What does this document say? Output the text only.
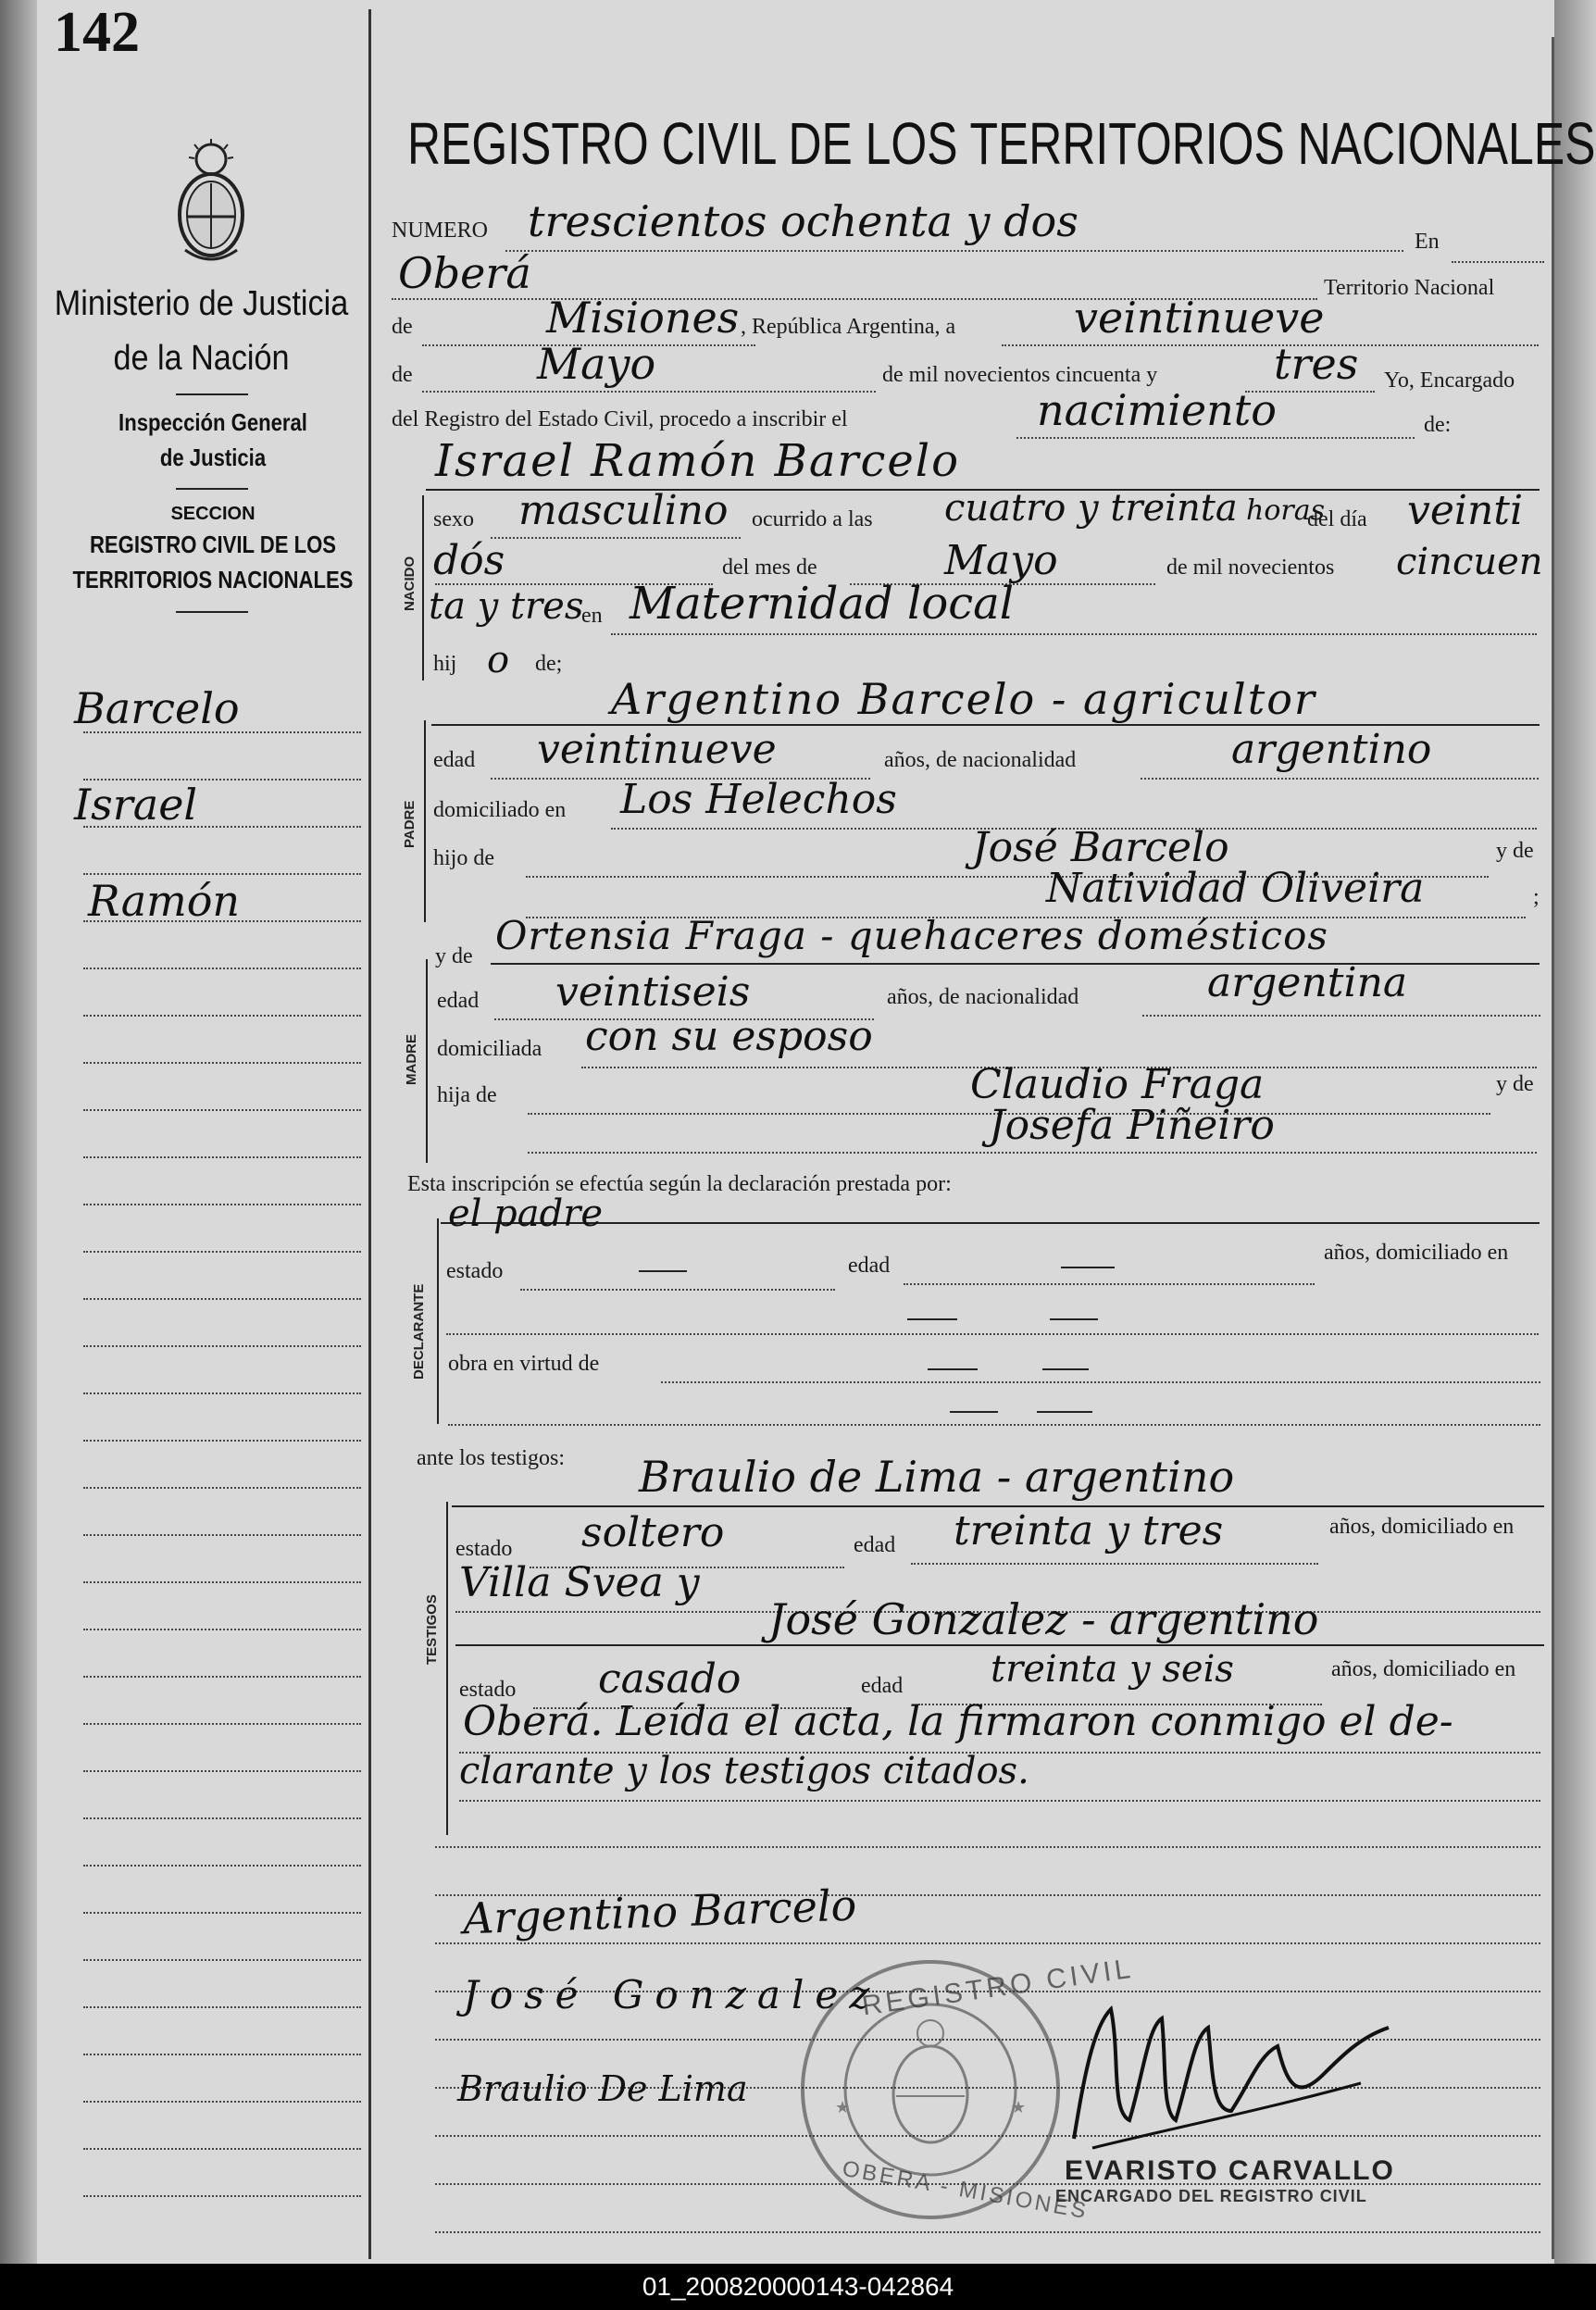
142
Ministerio de Justicia
de la Nación
Inspección General
de Justicia
SECCION
REGISTRO CIVIL DE LOS
TERRITORIOS NACIONALES
Barcelo
Israel
Ramón
REGISTRO CIVIL DE LOS TERRITORIOS NACIONALES
NUMERO trescientos ochenta y dos	En
Oberá	Territorio Nacional
de	Misiones , República Argentina, a	veintinueve
de	Mayo	de mil novecientos cincuenta y	tres Yo, Encargado
del Registro del Estado Civil, procedo a inscribir el	nacimiento	de:
Israel Ramón Barcelo
NACIDO
sexo masculino ocurrido a las cuatro y treinta horas
del día veinti
dós	del mes de	Mayo	de mil novecientos cincuen
ta y tres
en Maternidad local
hij o de;
Argentino Barcelo - agricultor
PADRE
edad veintinueve	años, de nacionalidad	argentino
domiciliado en Los Helechos
hijo de	José Barcelo	y de
Natividad Oliveira	;
y de Ortensia Fraga - quehaceres domésticos
MADRE
edad veintiseis	años, de nacionalidad	argentina
domiciliada con su esposo
hija de	Claudio Fraga	y de
Josefa Piñeiro
Esta inscripción se efectúa según la declaración prestada por:
el padre
DECLARANTE
estado	edad
años, domiciliado en
obra en virtud de
ante los testigos: Braulio de Lima - argentino
TESTIGOS
estado soltero	edad treinta y tres	años, domiciliado en
Villa Svea y
José Gonzalez - argentino
estado casado	edad treinta y seis	años, domiciliado en
Oberá. Leída el acta, la firmaron conmigo el de-
clarante y los testigos citados.
Argentino Barcelo
José Gonzalez
Braulio De Lima	★	★
REGISTRO CIVIL
OBERA - MISIONES
EVARISTO CARVALLO
ENCARGADO DEL REGISTRO CIVIL
01_200820000143-042864
